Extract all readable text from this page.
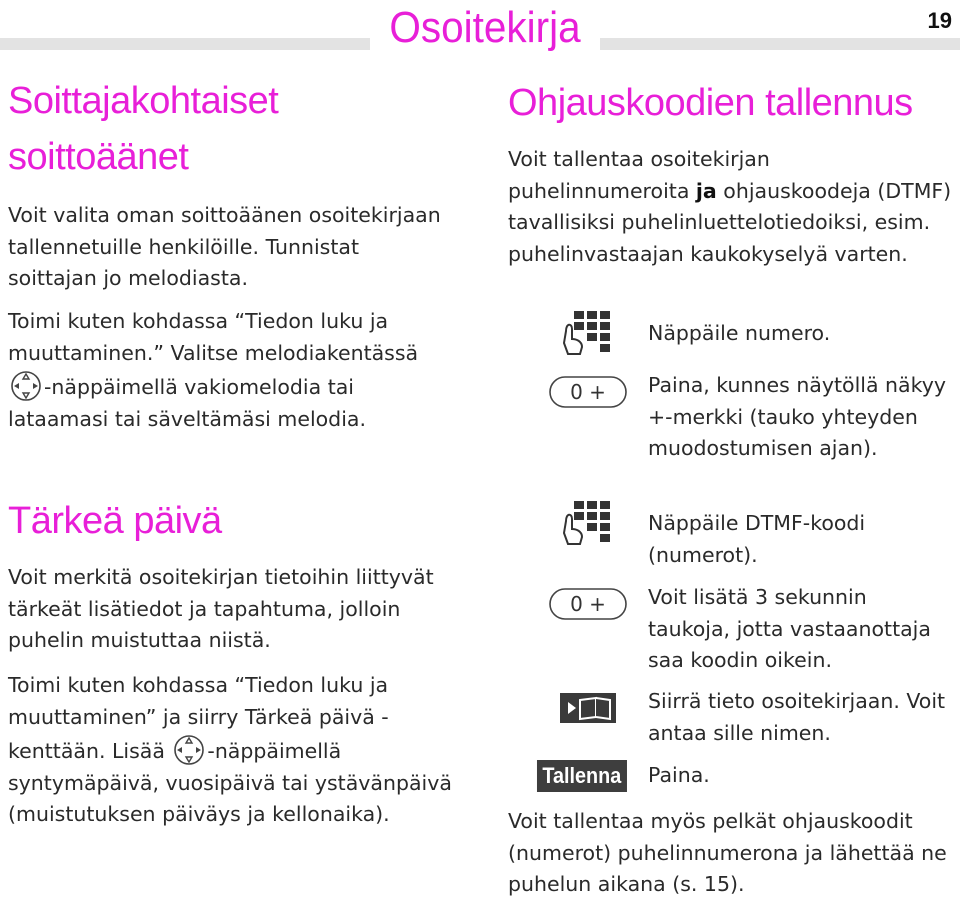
Osoitekirja	19
Soittajakohtaiset
soittoäänet

Voit valita oman soittoäänen osoitekirjaan tallennetuille henkilöille. Tunnistat soittajan jo melodiasta.

Toimi kuten kohdassa “Tiedon luku ja muuttaminen.” Valitse melodiakentässä -näppäimellä vakiomelodia tai lataamasi tai säveltämäsi melodia.

Tärkeä päivä

Voit merkitä osoitekirjan tietoihin liittyvät tärkeät lisätiedot ja tapahtuma, jolloin puhelin muistuttaa niistä.

Toimi kuten kohdassa “Tiedon luku ja muuttaminen” ja siirry Tärkeä päivä -kenttään. Lisää -näppäimellä syntymäpäivä, vuosipäivä tai ystävänpäivä (muistutuksen päiväys ja kellonaika).

Ohjauskoodien tallennus

Voit tallentaa osoitekirjan puhelinnumeroita ja ohjauskoodeja (DTMF) tavallisiksi puhelinluettelotiedoiksi, esim. puhelinvastaajan kaukokyselyä varten.

Näppäile numero.
0 +	Paina, kunnes näytöllä näkyy +-merkki (tauko yhteyden muodostumisen ajan).
Näppäile DTMF-koodi (numerot).
0 +	Voit lisätä 3 sekunnin taukoja, jotta vastaanottaja saa koodin oikein.
Siirrä tieto osoitekirjaan. Voit antaa sille nimen.
Tallenna Paina.

Voit tallentaa myös pelkät ohjauskoodit (numerot) puhelinnumerona ja lähettää ne puhelun aikana (s. 15).
